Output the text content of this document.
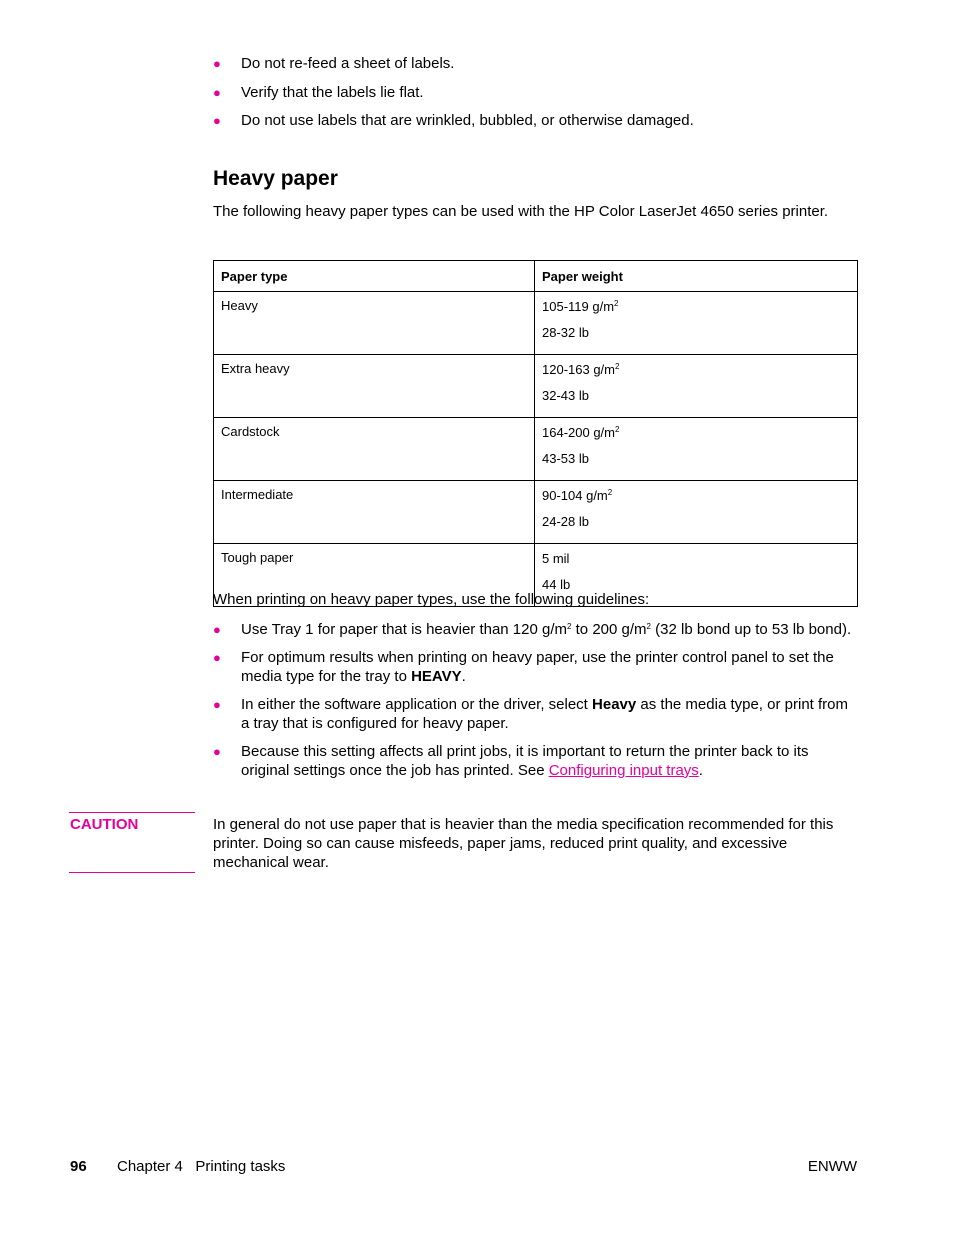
● Do not re-feed a sheet of labels.
● Verify that the labels lie flat.
● Do not use labels that are wrinkled, bubbled, or otherwise damaged.
Heavy paper

The following heavy paper types can be used with the HP Color LaserJet 4650 series printer.

Paper type	Paper weight
Heavy	105-119 $g/m^2$
28-32 lb

Extra heavy	120-163 $g/m^2$
32-43 lb

Cardstock	164-200 $g/m^2$
43-53 lb

Intermediate	90-104 $g/m^2$
24-28 lb

Tough paper	5 mil
44 lb

When printing on heavy paper types, use the following guidelines:

● Use Tray 1 for paper that is heavier than 120 $g/m^2$ to 200 $g/m^2$ (32 lb bond up to 53 lb bond).
● For optimum results when printing on heavy paper, use the printer control panel to set the media type for the tray to HEAVY.
● In either the software application or the driver, select Heavy as the media type, or print from a tray that is configured for heavy paper.
● Because this setting affects all print jobs, it is important to return the printer back to its original settings once the job has printed. See Configuring input trays.
CAUTION	In general do not use paper that is heavier than the media specification recommended for this printer. Doing so can cause misfeeds, paper jams, reduced print quality, and excessive mechanical wear.

96 Chapter 4   Printing tasks	ENWW
